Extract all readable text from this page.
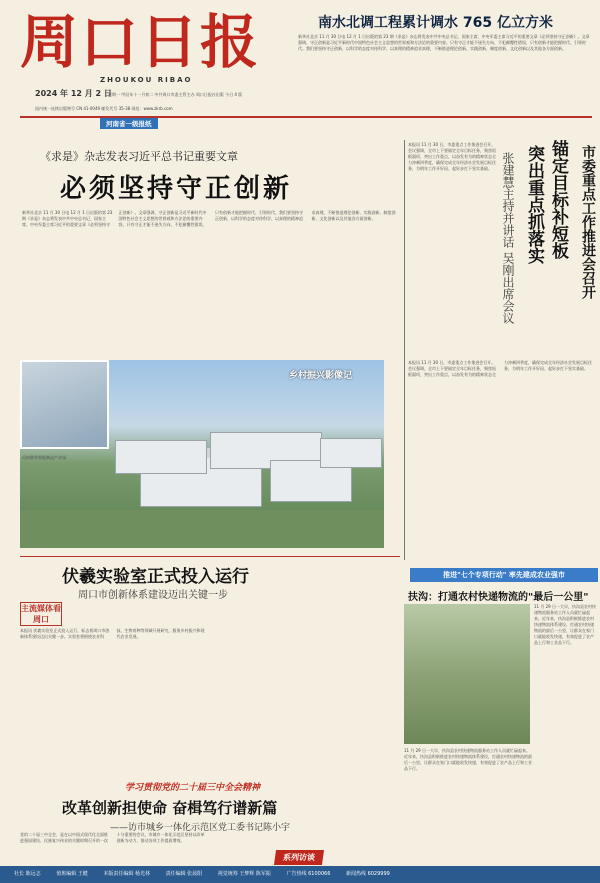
周口日报
ZHOUKOU RIBAO
南水北调工程累计调水 765 亿立方米
新华社北京 11 月 30 日电 12 月 1 日出版的第 23 期《求是》杂志将发表中共中央总书记、国家主席、中央军委主席习近平的重要文章《必须坚持守正创新》。文章强调，守正创新是习近平新时代中国特色社会主义思想的世界观和方法论的重要内容。只有守正才能不迷失方向、不犯颠覆性错误，只有创新才能把握时代、引领时代。我们要坚持守正创新，以科学的态度对待科学、以真理的精神追求真理，不断推进理论创新、实践创新、制度创新、文化创新以及其他各方面创新。
2024 年 12 月 2 日
星期一 甲辰年十一月初二 中共周口市委主管主办 周口日报社出版 今日 4 版
国内统一连续出版物号 CN 41-0049 邮发代号 35-38 网址：www.zkrb.com
河南省一级报纸
《求是》杂志发表习近平总书记重要文章
必须坚持守正创新
新华社北京 11 月 30 日电 12 月 1 日出版的第 23 期《求是》杂志将发表中共中央总书记、国家主席、中央军委主席习近平的重要文章《必须坚持守正创新》。文章强调，守正创新是习近平新时代中国特色社会主义思想的世界观和方法论的重要内容。只有守正才能不迷失方向、不犯颠覆性错误，只有创新才能把握时代、引领时代。我们要坚持守正创新，以科学的态度对待科学、以真理的精神追求真理，不断推进理论创新、实践创新、制度创新、文化创新以及其他各方面创新。	市委重点工作推进会召开
锚定目标补短板
突出重点抓落实
张建慧主持并讲话 吴刚出席会议
本报讯 11 月 30 日，市委重点工作推进会召开。会议强调，全市上下要锚定全年目标任务，聚焦短板弱项，突出工作重点，以奋发有为的精神状态全力冲刺四季度，确保完成全年经济社会发展目标任务，为明年工作开好局、起好步打下坚实基础。
本报讯 11 月 30 日，市委重点工作推进会召开。会议强调，全市上下要锚定全年目标任务，聚焦短板弱项，突出工作重点，以奋发有为的精神状态全力冲刺四季度，确保完成全年经济社会发展目标任务，为明年工作开好局、起好步打下坚实基础。
乡村振兴影像记
河南鼎华智能制造产业园
伏羲实验室正式投入运行
周口市创新体系建设迈出关键一步
主流媒体看周口
本报讯 伏羲实验室正式投入运行，标志着周口市创新体系建设迈出关键一步。实验室将围绕农业科技、生物育种等领域开展研究，服务乡村振兴和现代农业发展。
学习贯彻党的二十届三中全会精神
改革创新担使命 奋楫笃行谱新篇
——访市城乡一体化示范区党工委书记陈小宇
党的二十届三中全会，是在以中国式现代化全面推进强国建设、民族复兴伟业的关键时期召开的一次十分重要的会议。市城乡一体化示范区坚持以改革创新为动力，推动各项工作提质增效。
系列访谈
推进"七个专项行动" 率先建成农业强市
扶沟：打通农村快递物流的"最后一公里"
11 月 29 日一大早，扶沟县农村快递物流服务站工作人员就忙碌起来。近年来，扶沟县积极推进农村快递物流体系建设，打通农村快递物流的最后一公里，让群众在家门口就能收发快递，有效促进了农产品上行和工业品下行。
11 月 29 日一大早，扶沟县农村快递物流服务站工作人员就忙碌起来。近年来，扶沟县积极推进农村快递物流体系建设，打通农村快递物流的最后一公里，让群众在家门口就能收发快递，有效促进了农产品上行和工业品下行。
社长 陈远志	值班编辑 王健	本版责任编辑 杨光林	责任编辑 张晨阳	视觉统筹 王梦辉 陈军振	广告热线 6100066	新闻热线 6029999
